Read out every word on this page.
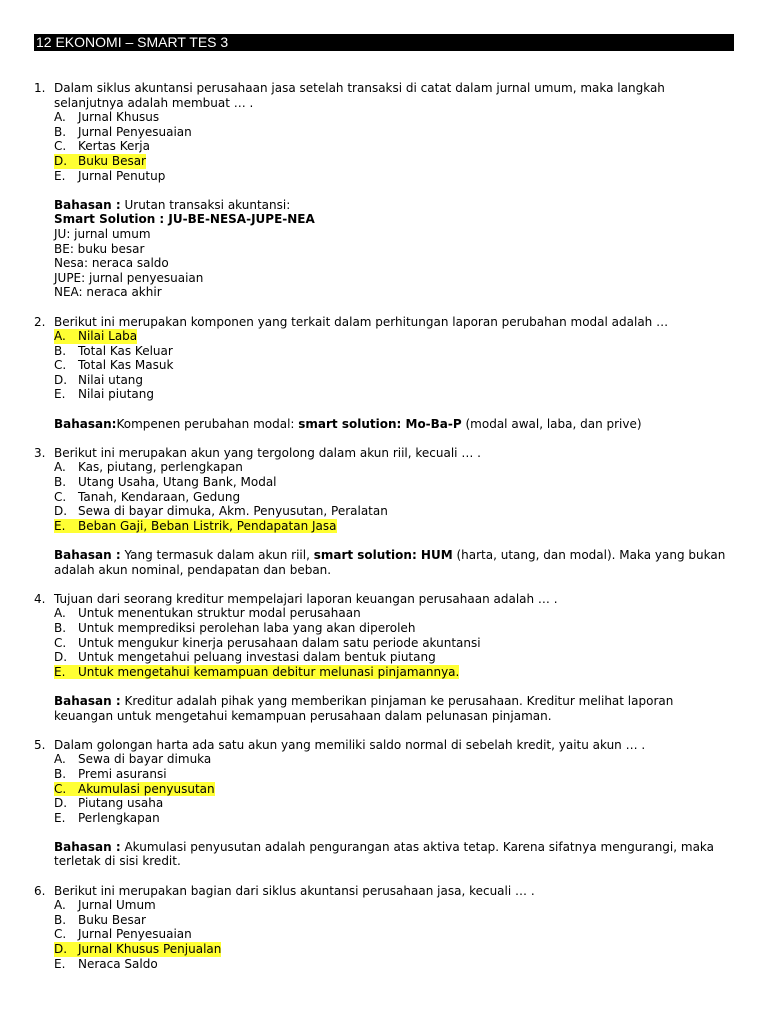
12 EKONOMI – SMART TES 3
1. Dalam siklus akuntansi perusahaan jasa setelah transaksi di catat dalam jurnal umum, maka langkah selanjutnya adalah membuat … .
A. Jurnal Khusus
B. Jurnal Penyesuaian
C. Kertas Kerja
D. Buku Besar
E. Jurnal Penutup
Bahasan : Urutan transaksi akuntansi:
Smart Solution : JU-BE-NESA-JUPE-NEA
JU: jurnal umum
BE: buku besar
Nesa: neraca saldo
JUPE: jurnal penyesuaian
NEA: neraca akhir
2. Berikut ini merupakan komponen yang terkait dalam perhitungan laporan perubahan modal adalah …
A. Nilai Laba
B. Total Kas Keluar
C. Total Kas Masuk
D. Nilai utang
E. Nilai piutang
Bahasan:Kompenen perubahan modal: smart solution: Mo-Ba-P (modal awal, laba, dan prive)
3. Berikut ini merupakan akun yang tergolong dalam akun riil, kecuali … .
A. Kas, piutang, perlengkapan
B. Utang Usaha, Utang Bank, Modal
C. Tanah, Kendaraan, Gedung
D. Sewa di bayar dimuka, Akm. Penyusutan, Peralatan
E. Beban Gaji, Beban Listrik, Pendapatan Jasa
Bahasan : Yang termasuk dalam akun riil, smart solution: HUM (harta, utang, dan modal). Maka yang bukan adalah akun nominal, pendapatan dan beban.
4. Tujuan dari seorang kreditur mempelajari laporan keuangan perusahaan adalah … .
A. Untuk menentukan struktur modal perusahaan
B. Untuk memprediksi perolehan laba yang akan diperoleh
C. Untuk mengukur kinerja perusahaan dalam satu periode akuntansi
D. Untuk mengetahui peluang investasi dalam bentuk piutang
E. Untuk mengetahui kemampuan debitur melunasi pinjamannya.
Bahasan : Kreditur adalah pihak yang memberikan pinjaman ke perusahaan. Kreditur melihat laporan keuangan untuk mengetahui kemampuan perusahaan dalam pelunasan pinjaman.
5. Dalam golongan harta ada satu akun yang memiliki saldo normal di sebelah kredit, yaitu akun … .
A. Sewa di bayar dimuka
B. Premi asuransi
C. Akumulasi penyusutan
D. Piutang usaha
E. Perlengkapan
Bahasan : Akumulasi penyusutan adalah pengurangan atas aktiva tetap. Karena sifatnya mengurangi, maka terletak di sisi kredit.
6. Berikut ini merupakan bagian dari siklus akuntansi perusahaan jasa, kecuali … .
A. Jurnal Umum
B. Buku Besar
C. Jurnal Penyesuaian
D. Jurnal Khusus Penjualan
E. Neraca Saldo
